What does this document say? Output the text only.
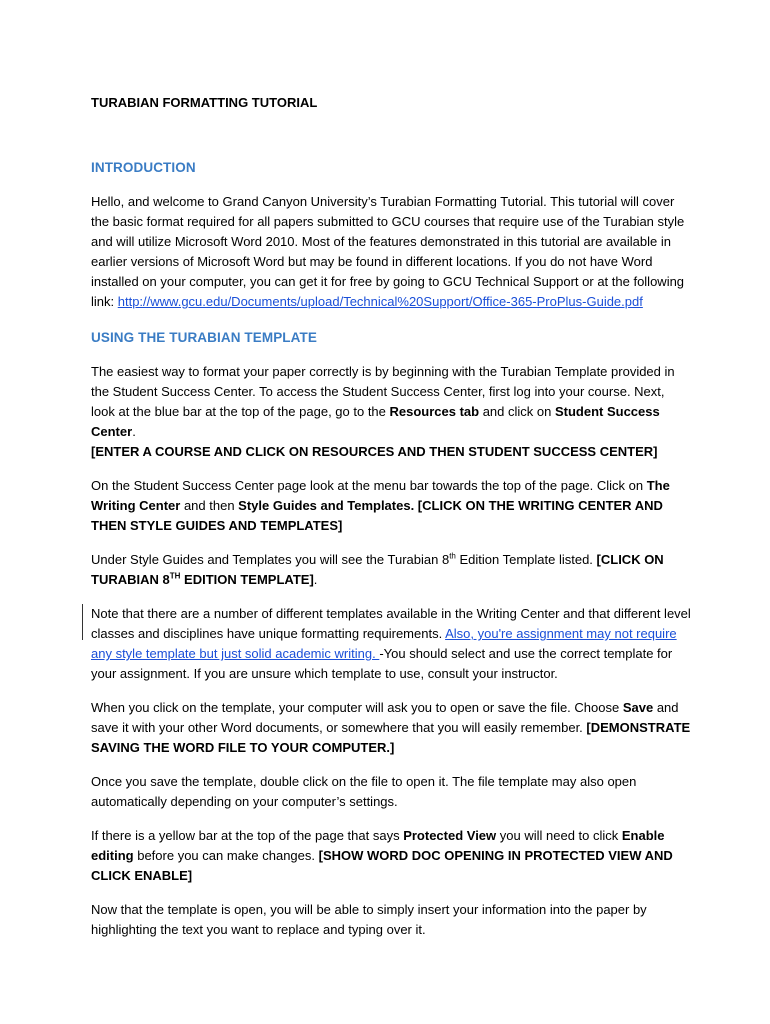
TURABIAN FORMATTING TUTORIAL
INTRODUCTION

Hello, and welcome to Grand Canyon University’s Turabian Formatting Tutorial. This tutorial will cover the basic format required for all papers submitted to GCU courses that require use of the Turabian style and will utilize Microsoft Word 2010. Most of the features demonstrated in this tutorial are available in earlier versions of Microsoft Word but may be found in different locations. If you do not have Word installed on your computer, you can get it for free by going to GCU Technical Support or at the following link: http://www.gcu.edu/Documents/upload/Technical%20Support/Office-365-ProPlus-Guide.pdf

USING THE TURABIAN TEMPLATE

The easiest way to format your paper correctly is by beginning with the Turabian Template provided in the Student Success Center. To access the Student Success Center, first log into your course. Next, look at the blue bar at the top of the page, go to the Resources tab and click on Student Success Center.
[ENTER A COURSE AND CLICK ON RESOURCES AND THEN STUDENT SUCCESS CENTER]

On the Student Success Center page look at the menu bar towards the top of the page. Click on The Writing Center and then Style Guides and Templates. [CLICK ON THE WRITING CENTER AND THEN STYLE GUIDES AND TEMPLATES]

Under Style Guides and Templates you will see the Turabian 8th Edition Template listed. [CLICK ON TURABIAN 8TH EDITION TEMPLATE].

Note that there are a number of different templates available in the Writing Center and that different level classes and disciplines have unique formatting requirements. Also, you're assignment may not require any style template but just solid academic writing. -You should select and use the correct template for your assignment. If you are unsure which template to use, consult your instructor.

When you click on the template, your computer will ask you to open or save the file. Choose Save and save it with your other Word documents, or somewhere that you will easily remember. [DEMONSTRATE SAVING THE WORD FILE TO YOUR COMPUTER.]

Once you save the template, double click on the file to open it. The file template may also open automatically depending on your computer’s settings.

If there is a yellow bar at the top of the page that says Protected View you will need to click Enable editing before you can make changes. [SHOW WORD DOC OPENING IN PROTECTED VIEW AND CLICK ENABLE]

Now that the template is open, you will be able to simply insert your information into the paper by highlighting the text you want to replace and typing over it.
